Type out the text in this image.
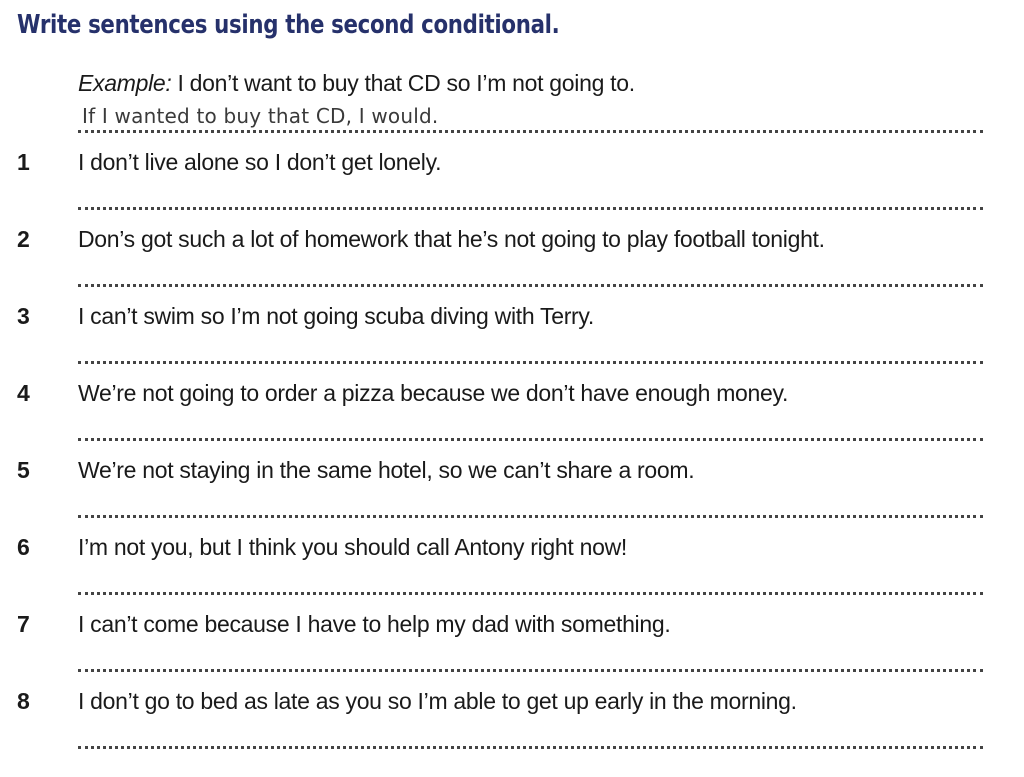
Write sentences using the second conditional.
Example: I don’t want to buy that CD so I’m not going to.
If I wanted to buy that CD, I would.
1	I don’t live alone so I don’t get lonely.
2	Don’s got such a lot of homework that he’s not going to play football tonight.
3	I can’t swim so I’m not going scuba diving with Terry.
4	We’re not going to order a pizza because we don’t have enough money.
5	We’re not staying in the same hotel, so we can’t share a room.
6	I’m not you, but I think you should call Antony right now!
7	I can’t come because I have to help my dad with something.
8	I don’t go to bed as late as you so I’m able to get up early in the morning.
